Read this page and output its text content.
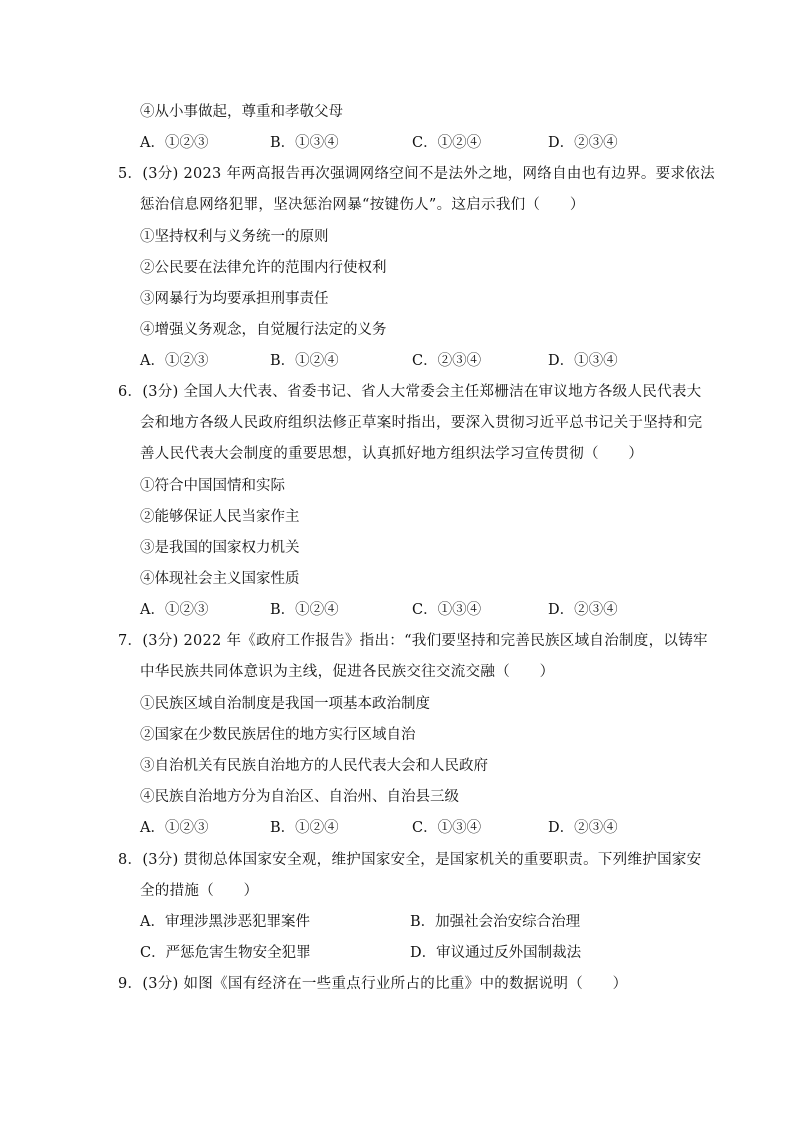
④从小事做起，尊重和孝敬父母
A．①②③	B．①③④	C．①②④	D．②③④
5．(3分) 2023 年两高报告再次强调网络空间不是法外之地，网络自由也有边界。要求依法
惩治信息网络犯罪，坚决惩治网暴“按键伤人”。这启示我们（　　）
①坚持权利与义务统一的原则
②公民要在法律允许的范围内行使权利
③网暴行为均要承担刑事责任
④增强义务观念，自觉履行法定的义务
A．①②③	B．①②④	C．②③④	D．①③④
6．(3分) 全国人大代表、省委书记、省人大常委会主任郑栅洁在审议地方各级人民代表大
会和地方各级人民政府组织法修正草案时指出，要深入贯彻习近平总书记关于坚持和完
善人民代表大会制度的重要思想，认真抓好地方组织法学习宣传贯彻（　　）
①符合中国国情和实际
②能够保证人民当家作主
③是我国的国家权力机关
④体现社会主义国家性质
A．①②③	B．①②④	C．①③④	D．②③④
7．(3分) 2022 年《政府工作报告》指出：“我们要坚持和完善民族区域自治制度，以铸牢
中华民族共同体意识为主线，促进各民族交往交流交融（　　）
①民族区域自治制度是我国一项基本政治制度
②国家在少数民族居住的地方实行区域自治
③自治机关有民族自治地方的人民代表大会和人民政府
④民族自治地方分为自治区、自治州、自治县三级
A．①②③	B．①②④	C．①③④	D．②③④
8．(3分) 贯彻总体国家安全观，维护国家安全，是国家机关的重要职责。下列维护国家安
全的措施（　　）
A．审理涉黑涉恶犯罪案件	B．加强社会治安综合治理
C．严惩危害生物安全犯罪	D．审议通过反外国制裁法
9．(3分) 如图《国有经济在一些重点行业所占的比重》中的数据说明（　　）
